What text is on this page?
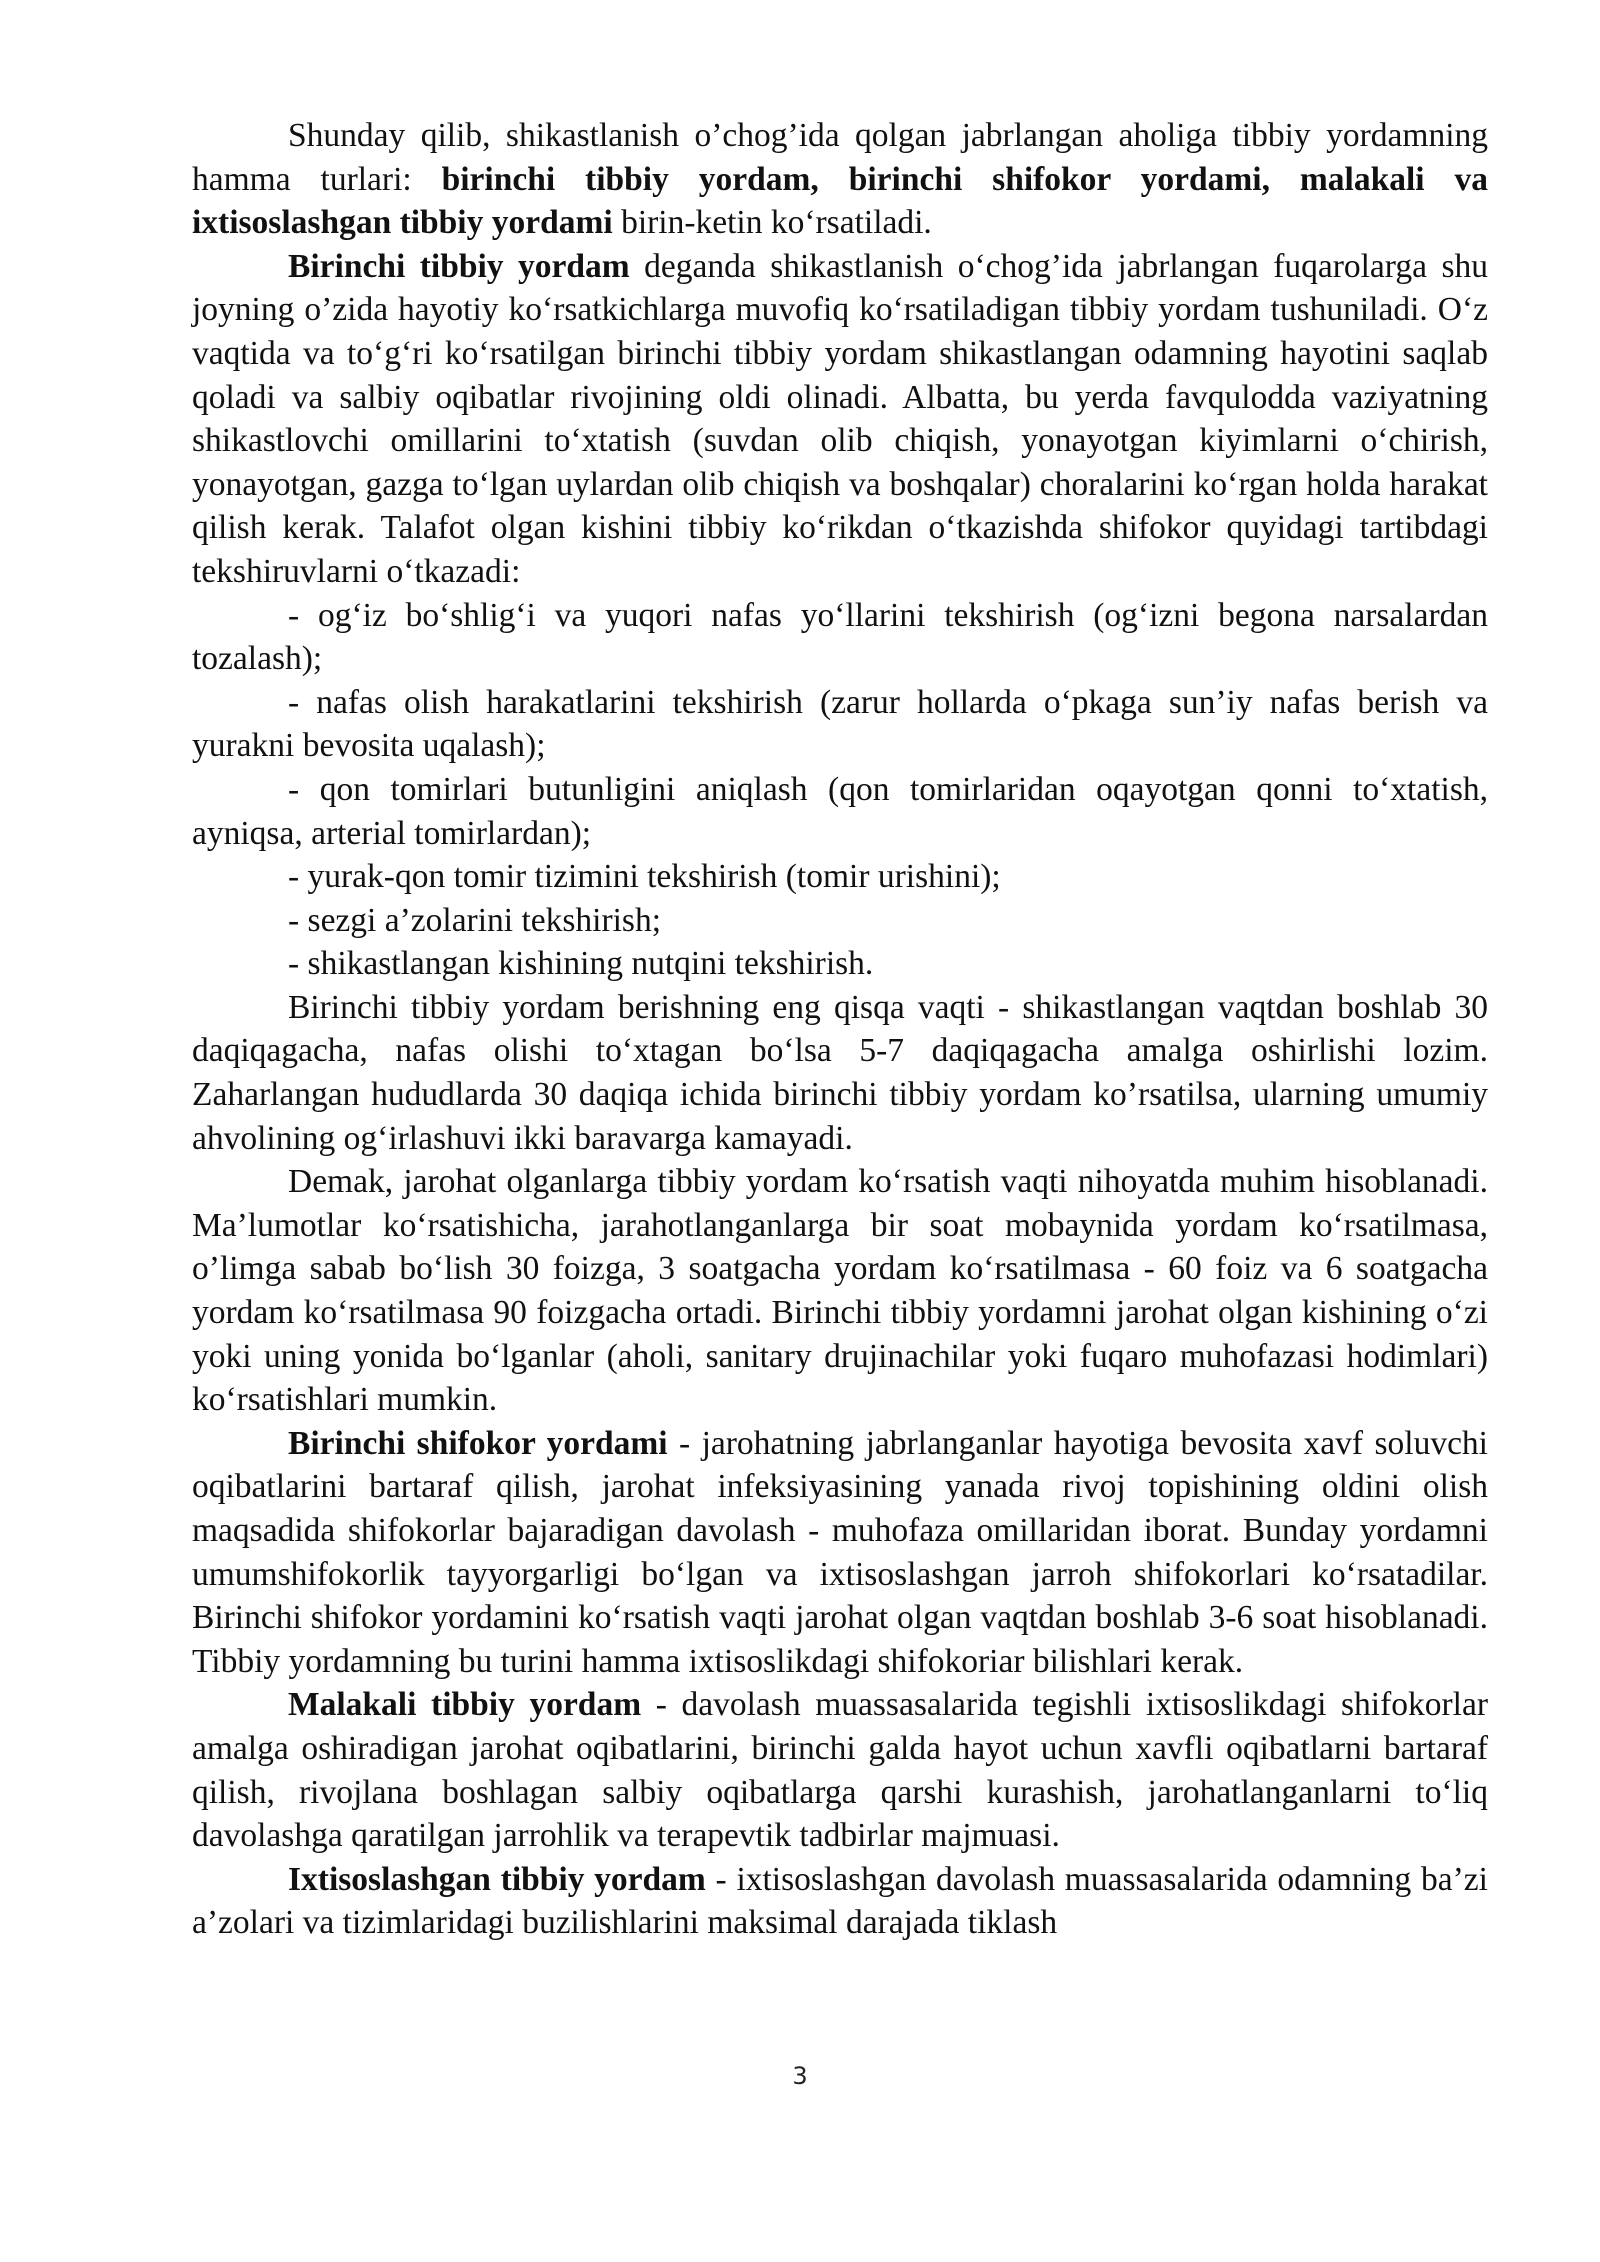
Shunday qilib, shikastlanish o’chog’ida qolgan jabrlangan aholiga tibbiy yordamning hamma turlari: birinchi tibbiy yordam, birinchi shifokor yordami, malakali va ixtisoslashgan tibbiy yordami birin-ketin ko‘rsatiladi.

Birinchi tibbiy yordam deganda shikastlanish o‘chog’ida jabrlangan fuqarolarga shu joyning o’zida hayotiy ko‘rsatkichlarga muvofiq ko‘rsatiladigan tibbiy yordam tushuniladi. O‘z vaqtida va to‘g‘ri ko‘rsatilgan birinchi tibbiy yordam shikastlangan odamning hayotini saqlab qoladi va salbiy oqibatlar rivojining oldi olinadi. Albatta, bu yerda favqulodda vaziyatning shikastlovchi omillarini to‘xtatish (suvdan olib chiqish, yonayotgan kiyimlarni o‘chirish, yonayotgan, gazga to‘lgan uylardan olib chiqish va boshqalar) choralarini ko‘rgan holda harakat qilish kerak. Talafot olgan kishini tibbiy ko‘rikdan o‘tkazishda shifokor quyidagi tartibdagi tekshiruvlarni o‘tkazadi:

- og‘iz bo‘shlig‘i va yuqori nafas yo‘llarini tekshirish (og‘izni begona narsalardan tozalash);

- nafas olish harakatlarini tekshirish (zarur hollarda o‘pkaga sun’iy nafas berish va yurakni bevosita uqalash);

- qon tomirlari butunligini aniqlash (qon tomirlaridan oqayotgan qonni to‘xtatish, ayniqsa, arterial tomirlardan);

- yurak-qon tomir tizimini tekshirish (tomir urishini);

- sezgi a’zolarini tekshirish;

- shikastlangan kishining nutqini tekshirish.

Birinchi tibbiy yordam berishning eng qisqa vaqti - shikastlangan vaqtdan boshlab 30 daqiqagacha, nafas olishi to‘xtagan bo‘lsa 5-7 daqiqagacha amalga oshirlishi lozim. Zaharlangan hududlarda 30 daqiqa ichida birinchi tibbiy yordam ko’rsatilsa, ularning umumiy ahvolining og‘irlashuvi ikki baravarga kamayadi.

Demak, jarohat olganlarga tibbiy yordam ko‘rsatish vaqti nihoyatda muhim hisoblanadi. Ma’lumotlar ko‘rsatishicha, jarahotlanganlarga bir soat mobaynida yordam ko‘rsatilmasa, o’limga sabab bo‘lish 30 foizga, 3 soatgacha yordam ko‘rsatilmasa - 60 foiz va 6 soatgacha yordam ko‘rsatilmasa 90 foizgacha ortadi. Birinchi tibbiy yordamni jarohat olgan kishining o‘zi yoki uning yonida bo‘lganlar (aholi, sanitary drujinachilar yoki fuqaro muhofazasi hodimlari) ko‘rsatishlari mumkin.

Birinchi shifokor yordami - jarohatning jabrlanganlar hayotiga bevosita xavf soluvchi oqibatlarini bartaraf qilish, jarohat infeksiyasining yanada rivoj topishining oldini olish maqsadida shifokorlar bajaradigan davolash - muhofaza omillaridan iborat. Bunday yordamni umumshifokorlik tayyorgarligi bo‘lgan va ixtisoslashgan jarroh shifokorlari ko‘rsatadilar. Birinchi shifokor yordamini ko‘rsatish vaqti jarohat olgan vaqtdan boshlab 3-6 soat hisoblanadi. Tibbiy yordamning bu turini hamma ixtisoslikdagi shifokoriar bilishlari kerak.

Malakali tibbiy yordam - davolash muassasalarida tegishli ixtisoslikdagi shifokorlar amalga oshiradigan jarohat oqibatlarini, birinchi galda hayot uchun xavfli oqibatlarni bartaraf qilish, rivojlana boshlagan salbiy oqibatlarga qarshi kurashish, jarohatlanganlarni to‘liq davolashga qaratilgan jarrohlik va terapevtik tadbirlar majmuasi.

Ixtisoslashgan tibbiy yordam - ixtisoslashgan davolash muassasalarida odamning ba’zi a’zolari va tizimlaridagi buzilishlarini maksimal darajada tiklash

3
